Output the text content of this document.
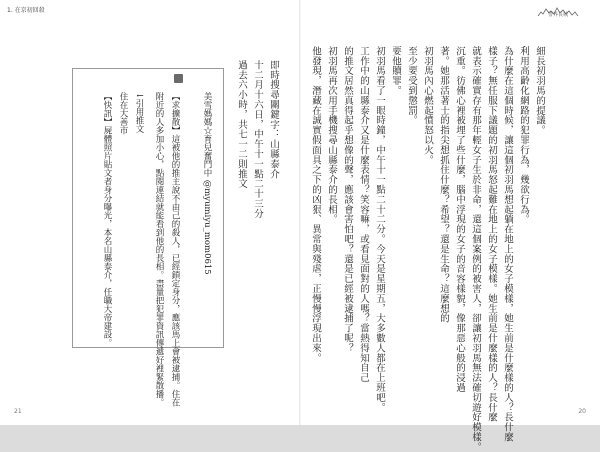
1. 在京初回殺
警界長城
細長初羽馬的提議。
利用高齡化網路的犯罪行為，幾欲行為。
為什麼在這個時候，讓這個初羽馬想起躺在地上的女子模樣，她生前是什麼樣的人？長什麼
樣子？無任服下議題的初羽馬怒起難在地上的女子模樣。她生前是什麼樣的人？長什麼
就表示確實存有那年輕女子生於非命，還這個案例的被害人，卻讓初羽馬無法確切遊好模樣。
沉重。彷佛心裡被埋了些什麼，腦中浮現的女子的音容樣貌，像那惡心般的浸過
著。她那活著士的指尖想抓住什麼？希望？還是生命？這麼想的
初羽馬內心燃起憤怒以火。
至少要受到懲罰。
要他贖罪。
初羽馬看了一眼時鐘，中午十一點二十二分。今天是星期五，大多數人都在上班吧。
工作中的山縣泰介又是什麼表情？笑容嘛，或看見面對的人嗎？當熱得知自己
的推文居然真得起乎想像的聲，應該會害怕吧？還是已經被逮捕了呢？
初羽馬再次用手機搜尋山縣泰介的長相。
他發現，潛藏在誠實假面具之下的凶狠、異常與殘虐，正慢慢浮現出來。
即時搜尋關鍵字：山縣泰介
十二月十六日，中午十一點二十三分
過去六小時，共七一二則推文
美雪媽媽☆育兒奮鬥中 @myumiyu_mom0615
【求擴散】這被他的推主說不由己的殺人，已經鎖定身分，應該馬上會被逮捕。住在
附近的人多加小心，點閱連結就能看到他的長相。盡量把犯罪資訊傳遞好裡緊散播。
↓引用推文
住在大善市
【快訊】屍體照片貼文者身分曝光，本名山縣泰介，任職大帝建設。
21	20
